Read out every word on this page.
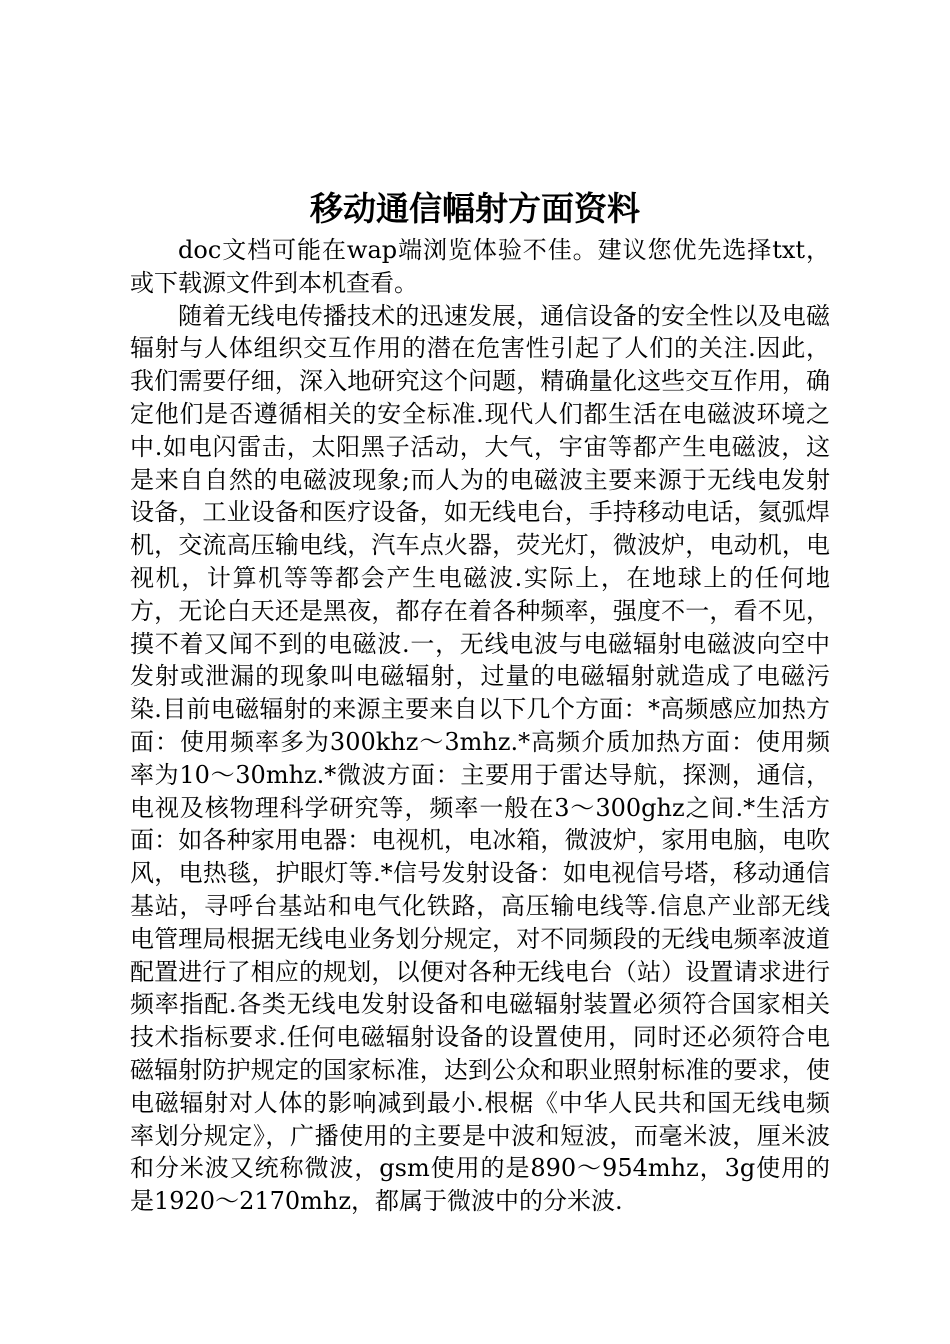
移动通信幅射方面资料

doc文档可能在wap端浏览体验不佳。建议您优先选择txt，或下载源文件到本机查看。

随着无线电传播技术的迅速发展，通信设备的安全性以及电磁辐射与人体组织交互作用的潜在危害性引起了人们的关注.因此，我们需要仔细，深入地研究这个问题，精确量化这些交互作用，确定他们是否遵循相关的安全标准.现代人们都生活在电磁波环境之中.如电闪雷击，太阳黑子活动，大气，宇宙等都产生电磁波，这是来自自然的电磁波现象;而人为的电磁波主要来源于无线电发射设备，工业设备和医疗设备，如无线电台，手持移动电话，氦弧焊机，交流高压输电线，汽车点火器，荧光灯，微波炉，电动机，电视机，计算机等等都会产生电磁波.实际上，在地球上的任何地方，无论白天还是黑夜，都存在着各种频率，强度不一，看不见，摸不着又闻不到的电磁波.一，无线电波与电磁辐射电磁波向空中发射或泄漏的现象叫电磁辐射，过量的电磁辐射就造成了电磁污染.目前电磁辐射的来源主要来自以下几个方面：*高频感应加热方面：使用频率多为300khz～3mhz.*高频介质加热方面：使用频率为10～30mhz.*微波方面：主要用于雷达导航，探测，通信，电视及核物理科学研究等，频率一般在3～300ghz之间.*生活方面：如各种家用电器：电视机，电冰箱，微波炉，家用电脑，电吹风，电热毯，护眼灯等.*信号发射设备：如电视信号塔，移动通信基站，寻呼台基站和电气化铁路，高压输电线等.信息产业部无线电管理局根据无线电业务划分规定，对不同频段的无线电频率波道配置进行了相应的规划，以便对各种无线电台（站）设置请求进行频率指配.各类无线电发射设备和电磁辐射装置必须符合国家相关技术指标要求.任何电磁辐射设备的设置使用，同时还必须符合电磁辐射防护规定的国家标准，达到公众和职业照射标准的要求，使电磁辐射对人体的影响减到最小.根椐《中华人民共和国无线电频率划分规定》，广播使用的主要是中波和短波，而毫米波，厘米波和分米波又统称微波，gsm使用的是890～954mhz，3g使用的是1920～2170mhz，都属于微波中的分米波.
